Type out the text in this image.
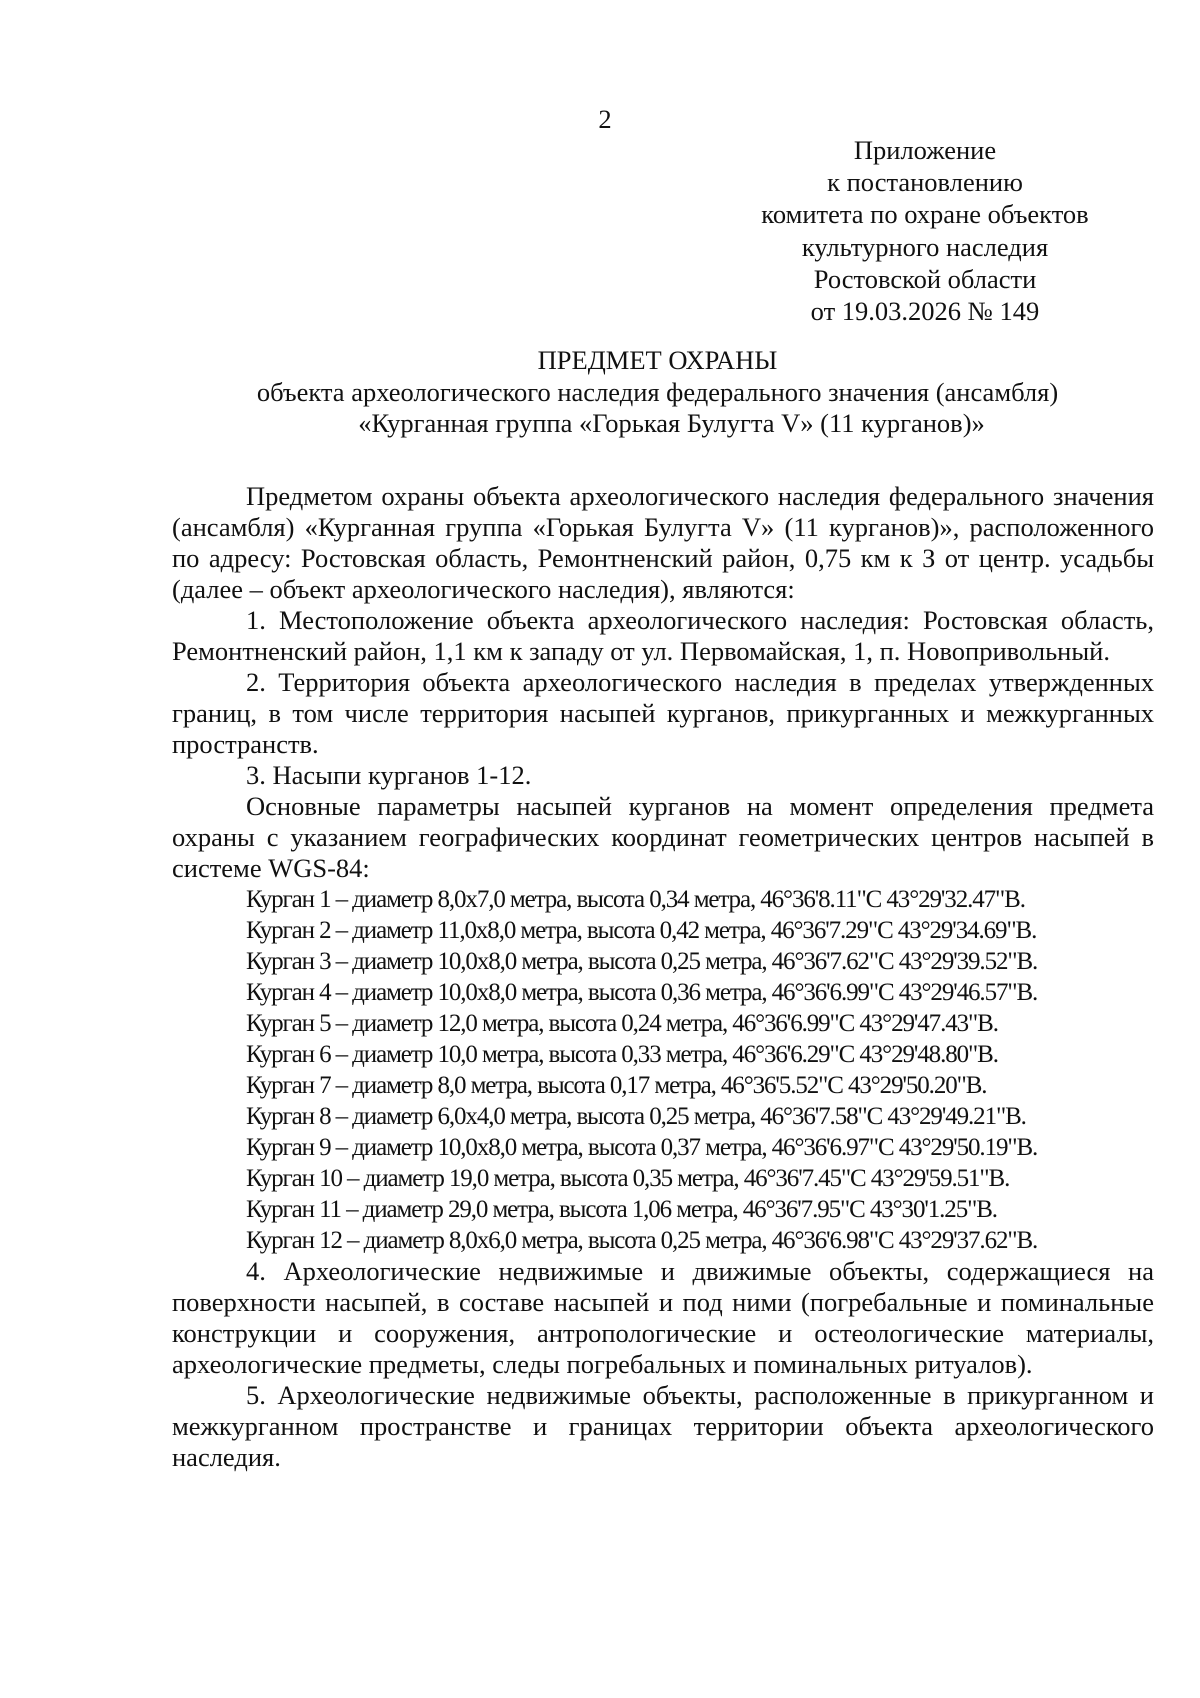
2
Приложение
к постановлению
комитета по охране объектов
культурного наследия
Ростовской области
от 19.03.2026 № 149
ПРЕДМЕТ ОХРАНЫ
объекта археологического наследия федерального значения (ансамбля)
«Курганная группа «Горькая Булугта V» (11 курганов)»

Предметом охраны объекта археологического наследия федерального значения (ансамбля) «Курганная группа «Горькая Булугта V» (11 курганов)», расположенного по адресу: Ростовская область, Ремонтненский район, 0,75 км к З от центр. усадьбы (далее – объект археологического наследия), являются:

1. Местоположение объекта археологического наследия: Ростовская область, Ремонтненский район, 1,1 км к западу от ул. Первомайская, 1, п. Новопривольный.

2. Территория объекта археологического наследия в пределах утвержденных границ, в том числе территория насыпей курганов, прикурганных и межкурганных пространств.

3. Насыпи курганов 1-12.

Основные параметры насыпей курганов на момент определения предмета охраны с указанием географических координат геометрических центров насыпей в системе WGS-84:

Курган 1 – диаметр 8,0х7,0 метра, высота 0,34 метра, 46°36'8.11"С 43°29'32.47"В.
Курган 2 – диаметр 11,0х8,0 метра, высота 0,42 метра, 46°36'7.29"С 43°29'34.69"В.
Курган 3 – диаметр 10,0х8,0 метра, высота 0,25 метра, 46°36'7.62"С 43°29'39.52"В.
Курган 4 – диаметр 10,0х8,0 метра, высота 0,36 метра, 46°36'6.99"С 43°29'46.57"В.
Курган 5 – диаметр 12,0 метра, высота 0,24 метра, 46°36'6.99"С 43°29'47.43"В.
Курган 6 – диаметр 10,0 метра, высота 0,33 метра, 46°36'6.29"С 43°29'48.80"В.
Курган 7 – диаметр 8,0 метра, высота 0,17 метра, 46°36'5.52"С 43°29'50.20"В.
Курган 8 – диаметр 6,0х4,0 метра, высота 0,25 метра, 46°36'7.58"С 43°29'49.21"В.
Курган 9 – диаметр 10,0х8,0 метра, высота 0,37 метра, 46°36'6.97"С 43°29'50.19"В.
Курган 10 – диаметр 19,0 метра, высота 0,35 метра, 46°36'7.45"С 43°29'59.51"В.
Курган 11 – диаметр 29,0 метра, высота 1,06 метра, 46°36'7.95"С 43°30'1.25"В.
Курган 12 – диаметр 8,0х6,0 метра, высота 0,25 метра, 46°36'6.98"С 43°29'37.62"В.

4. Археологические недвижимые и движимые объекты, содержащиеся на поверхности насыпей, в составе насыпей и под ними (погребальные и поминальные конструкции и сооружения, антропологические и остеологические материалы, археологические предметы, следы погребальных и поминальных ритуалов).

5. Археологические недвижимые объекты, расположенные в прикурганном и межкурганном пространстве и границах территории объекта археологического наследия.
